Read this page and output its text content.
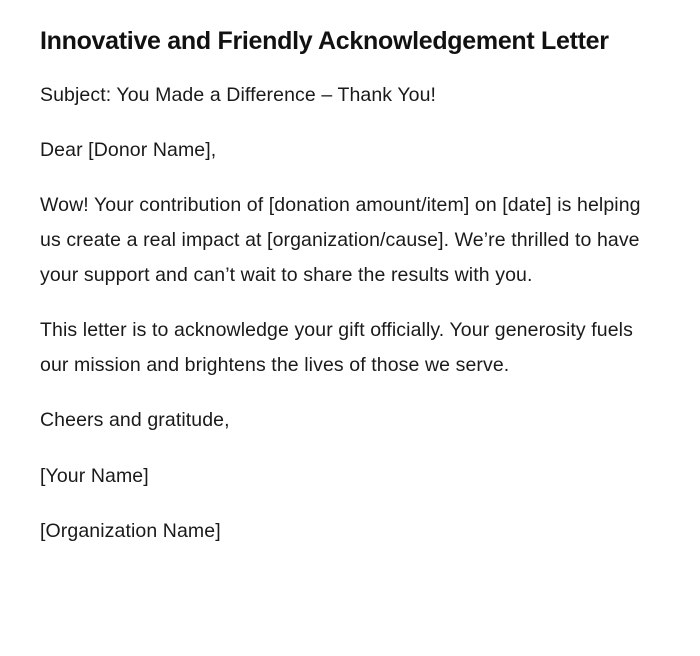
Innovative and Friendly Acknowledgement Letter

Subject: You Made a Difference – Thank You!

Dear [Donor Name],

Wow! Your contribution of [donation amount/item] on [date] is helping us create a real impact at [organization/cause]. We’re thrilled to have your support and can’t wait to share the results with you.

This letter is to acknowledge your gift officially. Your generosity fuels our mission and brightens the lives of those we serve.

Cheers and gratitude,

[Your Name]

[Organization Name]
